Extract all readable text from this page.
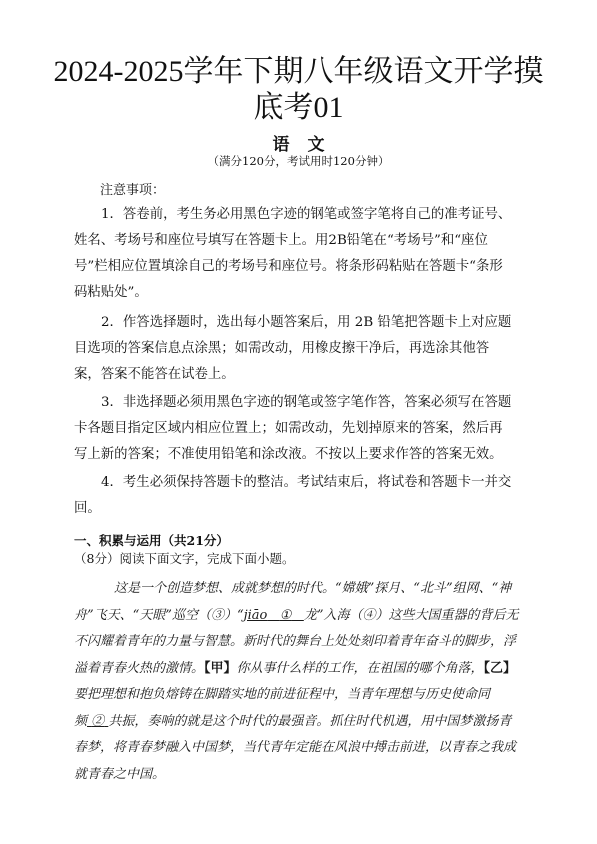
2024-2025学年下期八年级语文开学摸
底考01
语文
（满分120分，考试用时120分钟）
注意事项：

1．答卷前，考生务必用黑色字迹的钢笔或签字笔将自己的准考证号、姓名、考场号和座位号填写在答题卡上。用2B铅笔在“考场号”和“座位号”栏相应位置填涂自己的考场号和座位号。将条形码粘贴在答题卡“条形码粘贴处”。

2．作答选择题时，选出每小题答案后，用 2B 铅笔把答题卡上对应题目选项的答案信息点涂黑；如需改动，用橡皮擦干净后，再选涂其他答案，答案不能答在试卷上。

3．非选择题必须用黑色字迹的钢笔或签字笔作答，答案必须写在答题卡各题目指定区域内相应位置上；如需改动，先划掉原来的答案，然后再写上新的答案；不准使用铅笔和涂改液。不按以上要求作答的答案无效。

4．考生必须保持答题卡的整洁。考试结束后，将试卷和答题卡一并交回。

一、积累与运用（共21分）
（8分）阅读下面文字，完成下面小题。

这是一个创造梦想、成就梦想的时代。“嫦娥”探月、“北斗”组网、“神舟”飞天、“天眼”巡空（③）“jiāo ① 龙”入海（④）这些大国重器的背后无不闪耀着青年的力量与智慧。新时代的舞台上处处刻印着青年奋斗的脚步，浮溢着青春火热的激情。【甲】你从事什么样的工作，在祖国的哪个角落，【乙】要把理想和抱负熔铸在脚踏实地的前进征程中，当青年理想与历史使命同频 ② 共振，奏响的就是这个时代的最强音。抓住时代机遇，用中国梦激扬青春梦，将青春梦融入中国梦，当代青年定能在风浪中搏击前进，以青春之我成就青春之中国。
